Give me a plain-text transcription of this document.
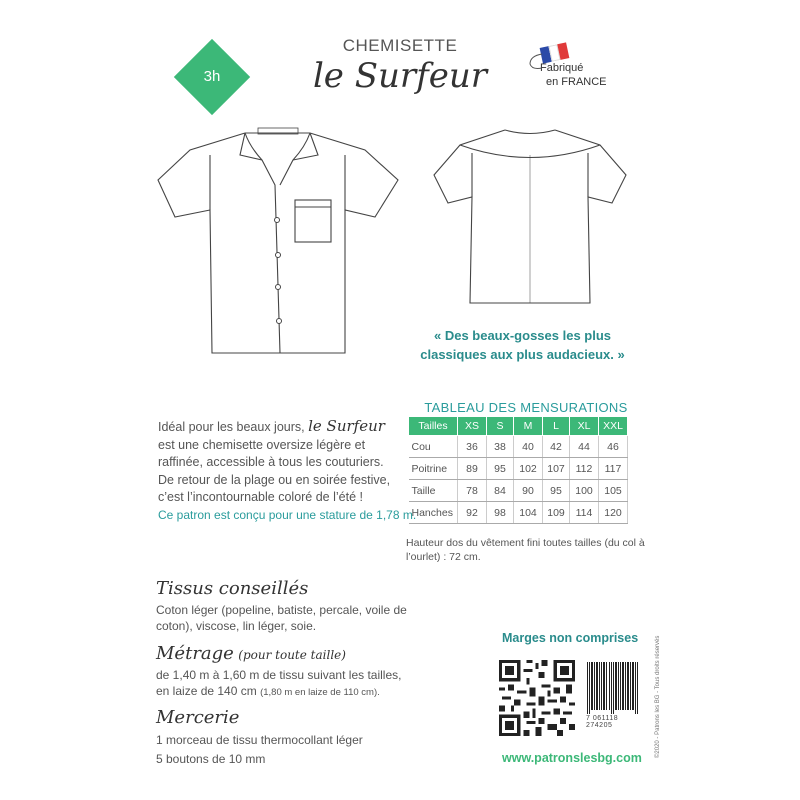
3h
CHEMISETTE
le Surfeur	Fabriqué
en FRANCE
« Des beaux-gosses les plus classiques aux plus audacieux. »
Idéal pour les beaux jours, le Surfeur est une chemisette oversize légère et raffinée, accessible à tous les couturiers. De retour de la plage ou en soirée festive, c’est l’incontournable coloré de l’été !
Ce patron est conçu pour une stature de 1,78 m.
TABLEAU DES MENSURATIONS
Tailles	XS	S	M	L	XL	XXL
Cou	36	38	40	42	44	46
Poitrine	89	95	102	107	112	117
Taille	78	84	90	95	100	105
Hanches	92	98	104	109	114	120
Hauteur dos du vêtement fini toutes tailles (du col à l’ourlet) : 72 cm.
Tissus conseillés
Coton léger (popeline, batiste, percale, voile de coton), viscose, lin léger, soie.
Métrage (pour toute taille)
de 1,40 m à 1,60 m de tissu suivant les tailles,
en laize de 140 cm (1,80 m en laize de 110 cm).
Mercerie
1 morceau de tissu thermocollant léger
5 boutons de 10 mm
Marges non comprises
7 061118 274205	©2020 - Patrons les BG - Tous droits réservés
www.patronslesbg.com
